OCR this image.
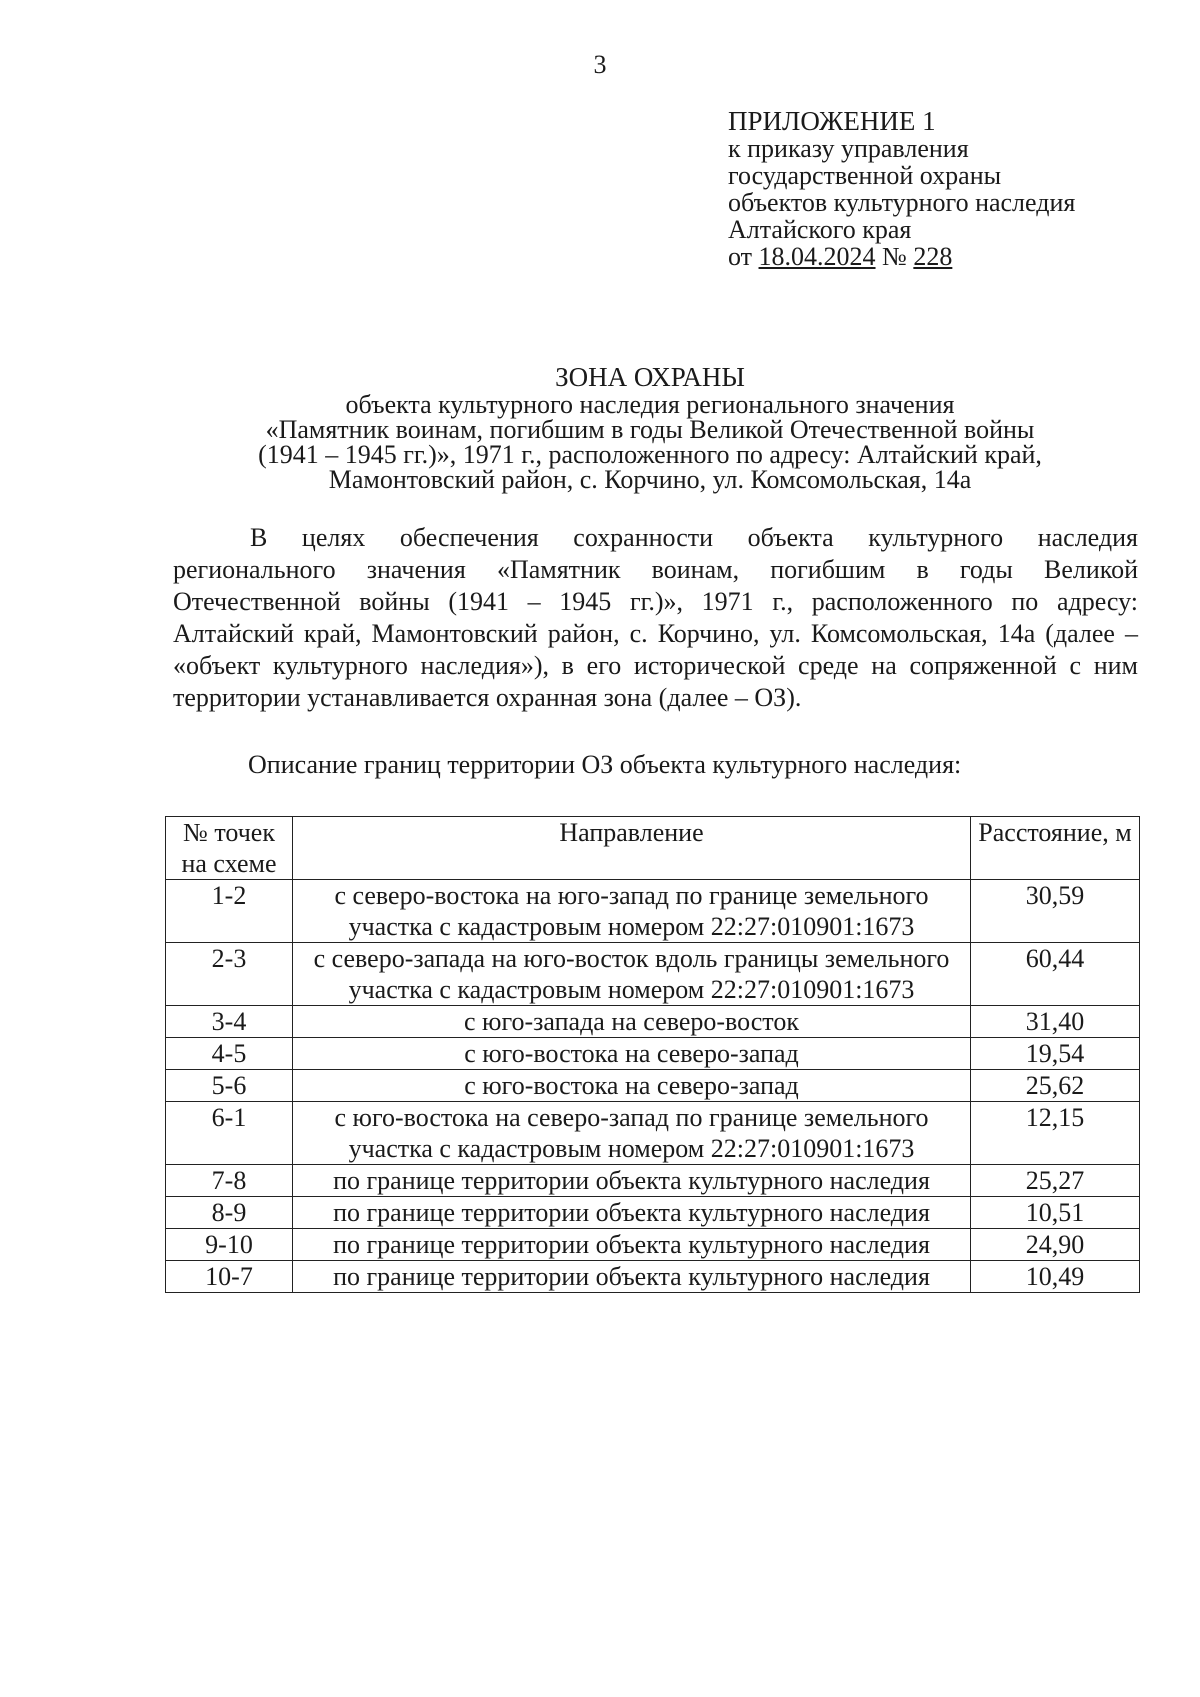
3
ПРИЛОЖЕНИЕ 1
к приказу управления
государственной охраны
объектов культурного наследия
Алтайского края
от 18.04.2024 № 228
ЗОНА ОХРАНЫ
объекта культурного наследия регионального значения
«Памятник воинам, погибшим в годы Великой Отечественной войны
(1941 – 1945 гг.)», 1971 г., расположенного по адресу: Алтайский край,
Мамонтовский район, с. Корчино, ул. Комсомольская, 14а
В целях обеспечения сохранности объекта культурного наследия регионального значения «Памятник воинам, погибшим в годы Великой Отечественной войны (1941 – 1945 гг.)», 1971 г., расположенного по адресу: Алтайский край, Мамонтовский район, с. Корчино, ул. Комсомольская, 14а (далее – «объект культурного наследия»), в его исторической среде на сопряженной с ним территории устанавливается охранная зона (далее – ОЗ).
Описание границ территории ОЗ объекта культурного наследия:
№ точек на схеме	Направление	Расстояние, м
1-2	с северо-востока на юго-запад по границе земельного участка с кадастровым номером 22:27:010901:1673	30,59
2-3	с северо-запада на юго-восток вдоль границы земельного участка с кадастровым номером 22:27:010901:1673	60,44
3-4	с юго-запада на северо-восток	31,40
4-5	с юго-востока на северо-запад	19,54
5-6	с юго-востока на северо-запад	25,62
6-1	с юго-востока на северо-запад по границе земельного участка с кадастровым номером 22:27:010901:1673	12,15
7-8	по границе территории объекта культурного наследия	25,27
8-9	по границе территории объекта культурного наследия	10,51
9-10	по границе территории объекта культурного наследия	24,90
10-7	по границе территории объекта культурного наследия	10,49
